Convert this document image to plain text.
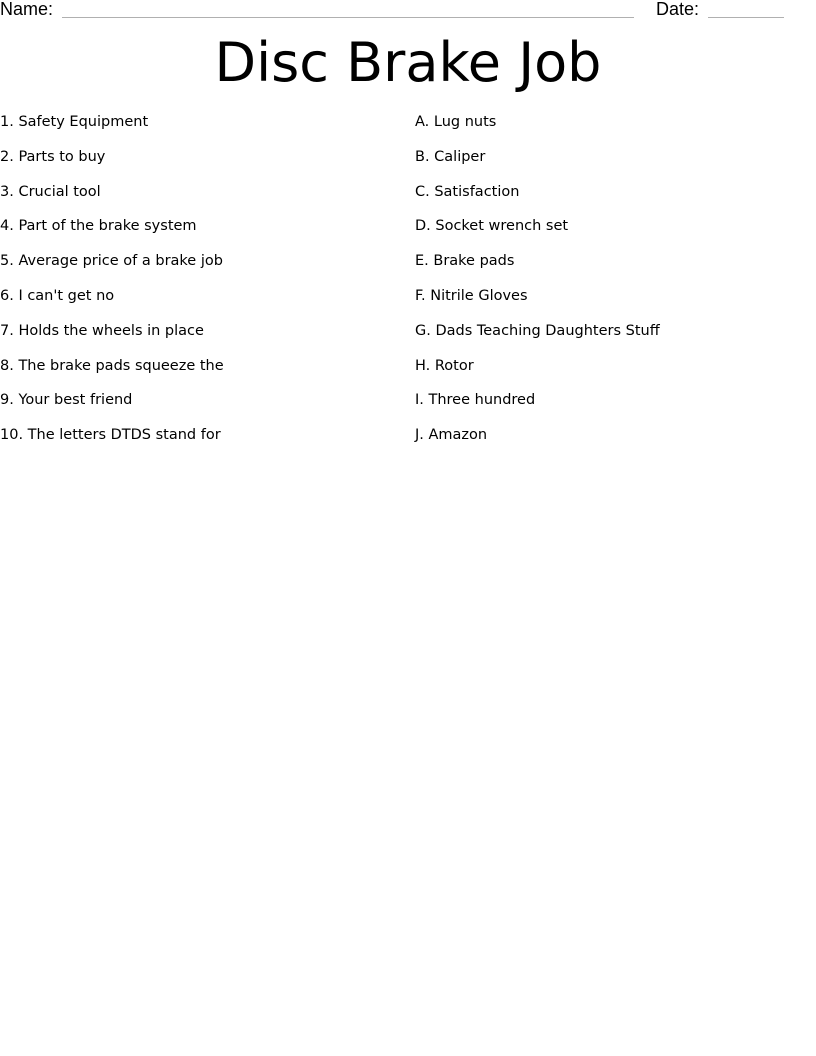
Name:	Date:
Disc Brake Job
1. Safety Equipment
2. Parts to buy
3. Crucial tool
4. Part of the brake system
5. Average price of a brake job
6. I can't get no
7. Holds the wheels in place
8. The brake pads squeeze the
9. Your best friend
10. The letters DTDS stand for
A. Lug nuts
B. Caliper
C. Satisfaction
D. Socket wrench set
E. Brake pads
F. Nitrile Gloves
G. Dads Teaching Daughters Stuff
H. Rotor
I. Three hundred
J. Amazon
